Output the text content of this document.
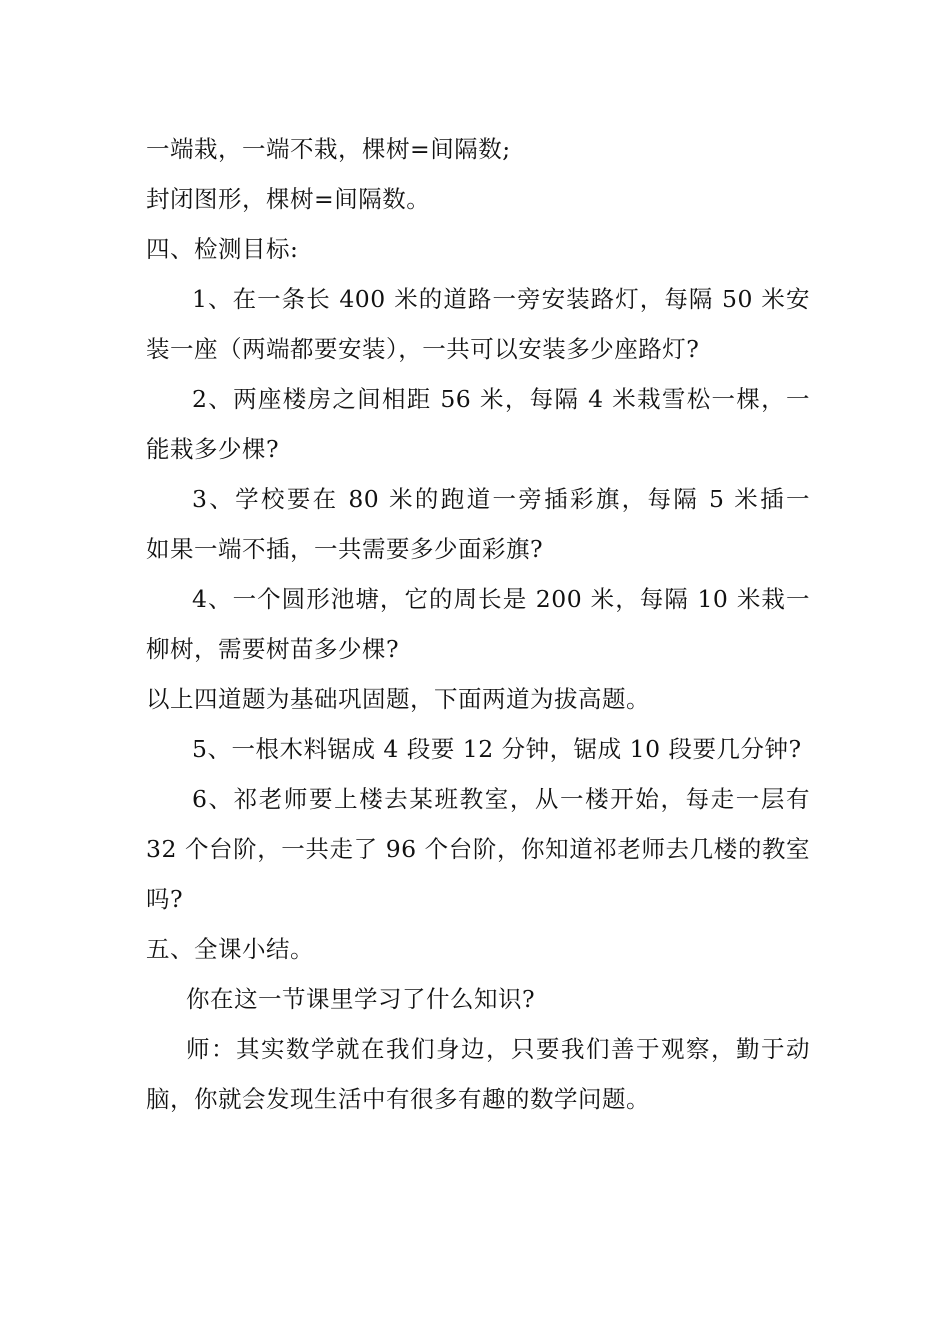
一端栽，一端不栽，棵树=间隔数;
封闭图形，棵树=间隔数。
四、检测目标:
1、在一条长 400 米的道路一旁安装路灯，每隔 50 米安
装一座（两端都要安装），一共可以安装多少座路灯?
2、两座楼房之间相距 56 米，每隔 4 米栽雪松一棵，一
能栽多少棵?
3、学校要在 80 米的跑道一旁插彩旗，每隔 5 米插一
如果一端不插，一共需要多少面彩旗?
4、一个圆形池塘，它的周长是 200 米，每隔 10 米栽一
柳树，需要树苗多少棵?
以上四道题为基础巩固题，下面两道为拔高题。
5、一根木料锯成 4 段要 12 分钟，锯成 10 段要几分钟?
6、祁老师要上楼去某班教室，从一楼开始，每走一层有
32 个台阶，一共走了 96 个台阶，你知道祁老师去几楼的教室
吗?
五、全课小结。
你在这一节课里学习了什么知识?
师：其实数学就在我们身边，只要我们善于观察，勤于动
脑，你就会发现生活中有很多有趣的数学问题。
